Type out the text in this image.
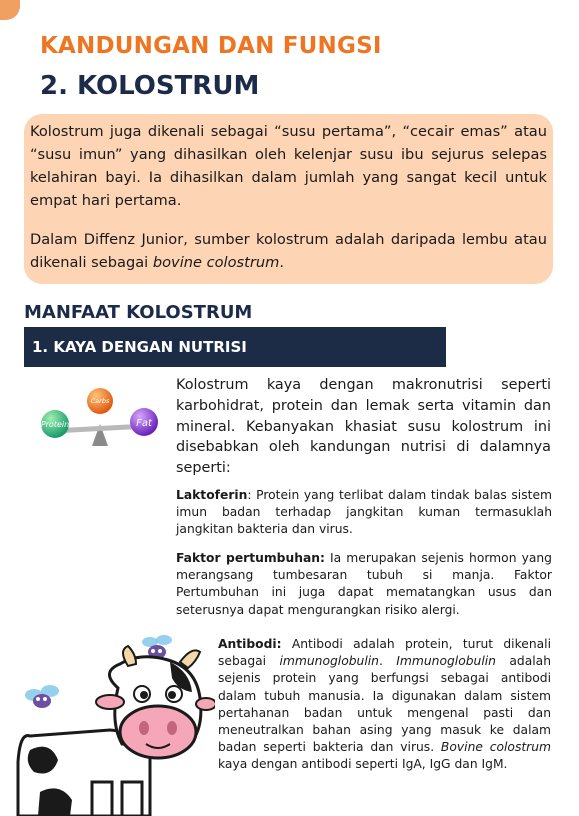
KANDUNGAN DAN FUNGSI
2. KOLOSTRUM

Kolostrum juga dikenali sebagai “susu pertama”, “cecair emas” atau “susu imun” yang dihasilkan oleh kelenjar susu ibu sejurus selepas kelahiran bayi. Ia dihasilkan dalam jumlah yang sangat kecil untuk empat hari pertama.

Dalam Diffenz Junior, sumber kolostrum adalah daripada lembu atau dikenali sebagai bovine colostrum.

MANFAAT KOLOSTRUM
1. KAYA DENGAN NUTRISI
Protein
Carbs
Fat

Kolostrum kaya dengan makronutrisi seperti karbohidrat, protein dan lemak serta vitamin dan mineral. Kebanyakan khasiat susu kolostrum ini disebabkan oleh kandungan nutrisi di dalamnya seperti:

Laktoferin: Protein yang terlibat dalam tindak balas sistem imun badan terhadap jangkitan kuman termasuklah jangkitan bakteria dan virus.

Faktor pertumbuhan: Ia merupakan sejenis hormon yang merangsang tumbesaran tubuh si manja. Faktor Pertumbuhan ini juga dapat mematangkan usus dan seterusnya dapat mengurangkan risiko alergi.

Antibodi: Antibodi adalah protein, turut dikenali sebagai immunoglobulin. Immunoglobulin adalah sejenis protein yang berfungsi sebagai antibodi dalam tubuh manusia. Ia digunakan dalam sistem pertahanan badan untuk mengenal pasti dan meneutralkan bahan asing yang masuk ke dalam badan seperti bakteria dan virus. Bovine colostrum kaya dengan antibodi seperti IgA, IgG dan IgM.
